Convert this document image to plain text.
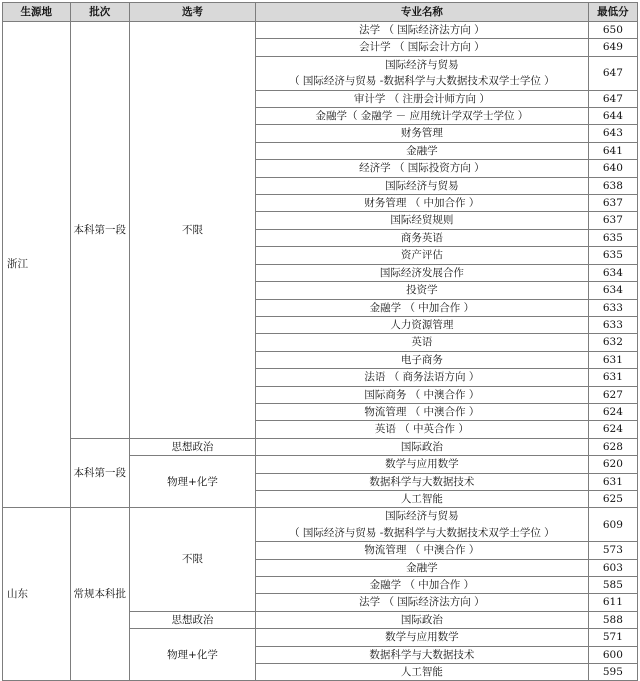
生源地	批次	选考	专业名称	最低分
浙江	本科第一段	不限	法学 （ 国际经济法方向 ）	650

			会计学 （ 国际会计方向 ）	649

			国际经济与贸易
（ 国际经济与贸易 -数据科学与大数据技术双学士学位 ）	647

			审计学 （ 注册会计师方向 ）	647

			金融学（ 金融学 － 应用统计学双学士学位 ）	644

			财务管理	643

			金融学	641

			经济学 （ 国际投资方向 ）	640

			国际经济与贸易	638

			财务管理 （ 中加合作 ）	637

			国际经贸规则	637

			商务英语	635

			资产评估	635

			国际经济发展合作	634

			投资学	634

			金融学 （ 中加合作 ）	633

			人力资源管理	633

			英语	632

			电子商务	631

			法语 （ 商务法语方向 ）	631

			国际商务 （ 中澳合作 ）	627

			物流管理 （ 中澳合作 ）	624

			英语 （ 中英合作 ）	624
	本科第一段	思想政治	国际政治	628
		物理+化学	数学与应用数学	620

			数据科学与大数据技术	631

			人工智能	625
山东	常规本科批	不限	国际经济与贸易
（ 国际经济与贸易 -数据科学与大数据技术双学士学位 ）	609

			物流管理 （ 中澳合作 ）	573

			金融学	603

			金融学 （ 中加合作 ）	585

			法学 （ 国际经济法方向 ）	611
		思想政治	国际政治	588
		物理+化学	数学与应用数学	571

			数据科学与大数据技术	600

			人工智能	595
